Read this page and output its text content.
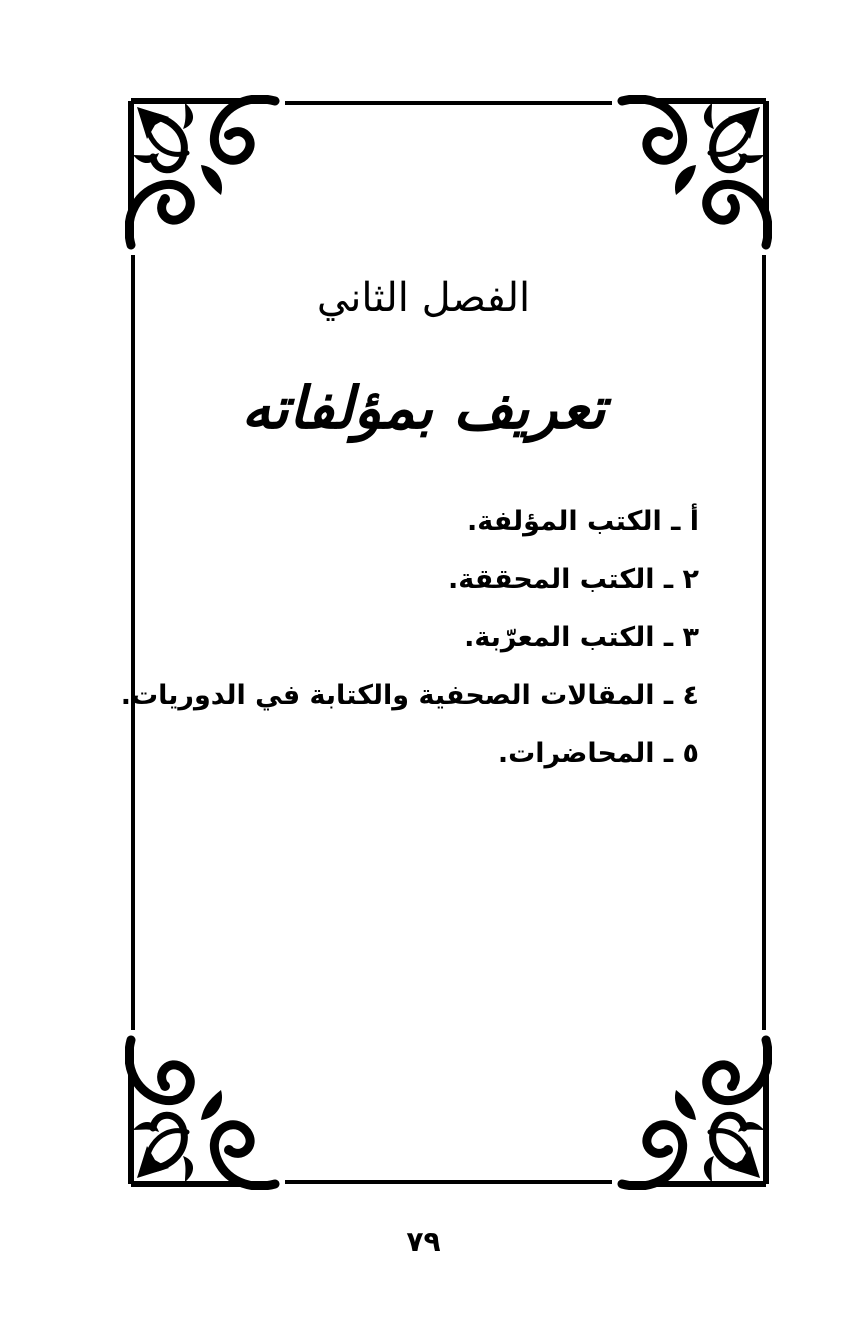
الفصل الثاني
تعريف بمؤلفاته
أ ـ الكتب المؤلفة.
٢ ـ الكتب المحققة.
٣ ـ الكتب المعرّبة.
٤ ـ المقالات الصحفية والكتابة في الدوريات.
٥ ـ المحاضرات.
٧٩
